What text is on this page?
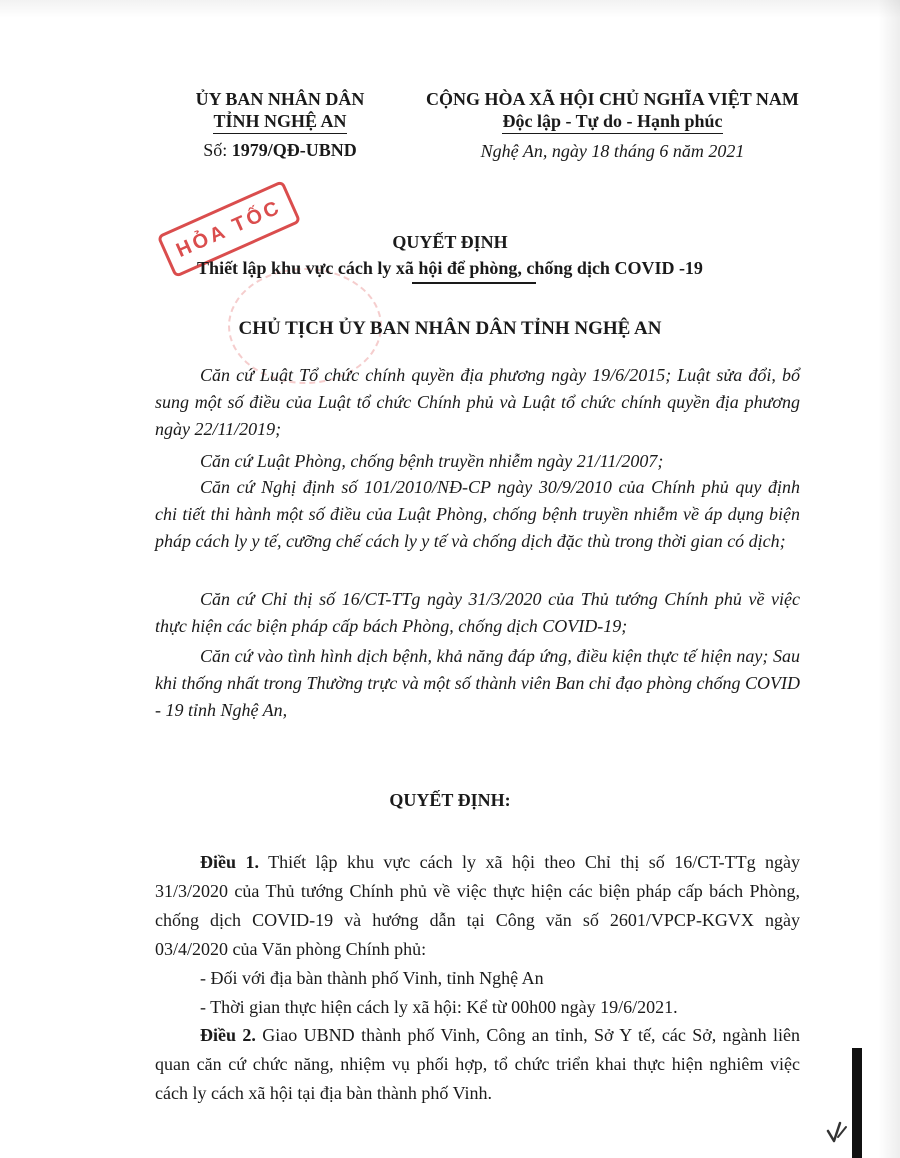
ỦY BAN NHÂN DÂN
TỈNH NGHỆ AN
Số: 1979/QĐ-UBND
CỘNG HÒA XÃ HỘI CHỦ NGHĨA VIỆT NAM
Độc lập - Tự do - Hạnh phúc
Nghệ An, ngày 18 tháng 6 năm 2021
HỎA TỐC	QUYẾT ĐỊNH
Thiết lập khu vực cách ly xã hội để phòng, chống dịch COVID -19
CHỦ TỊCH ỦY BAN NHÂN DÂN TỈNH NGHỆ AN
Căn cứ Luật Tổ chức chính quyền địa phương ngày 19/6/2015; Luật sửa đổi, bổ sung một số điều của Luật tổ chức Chính phủ và Luật tổ chức chính quyền địa phương ngày 22/11/2019;
Căn cứ Luật Phòng, chống bệnh truyền nhiễm ngày 21/11/2007;
Căn cứ Nghị định số 101/2010/NĐ-CP ngày 30/9/2010 của Chính phủ quy định chi tiết thi hành một số điều của Luật Phòng, chống bệnh truyền nhiễm về áp dụng biện pháp cách ly y tế, cưỡng chế cách ly y tế và chống dịch đặc thù trong thời gian có dịch;
Căn cứ Chỉ thị số 16/CT-TTg ngày 31/3/2020 của Thủ tướng Chính phủ về việc thực hiện các biện pháp cấp bách Phòng, chống dịch COVID-19;
Căn cứ vào tình hình dịch bệnh, khả năng đáp ứng, điều kiện thực tế hiện nay; Sau khi thống nhất trong Thường trực và một số thành viên Ban chỉ đạo phòng chống COVID - 19 tỉnh Nghệ An,
QUYẾT ĐỊNH:
Điều 1. Thiết lập khu vực cách ly xã hội theo Chỉ thị số 16/CT-TTg ngày 31/3/2020 của Thủ tướng Chính phủ về việc thực hiện các biện pháp cấp bách Phòng, chống dịch COVID-19 và hướng dẫn tại Công văn số 2601/VPCP-KGVX ngày 03/4/2020 của Văn phòng Chính phủ:
- Đối với địa bàn thành phố Vinh, tỉnh Nghệ An
- Thời gian thực hiện cách ly xã hội: Kể từ 00h00 ngày 19/6/2021.
Điều 2. Giao UBND thành phố Vinh, Công an tỉnh, Sở Y tế, các Sở, ngành liên quan căn cứ chức năng, nhiệm vụ phối hợp, tổ chức triển khai thực hiện nghiêm việc cách ly cách xã hội tại địa bàn thành phố Vinh.
